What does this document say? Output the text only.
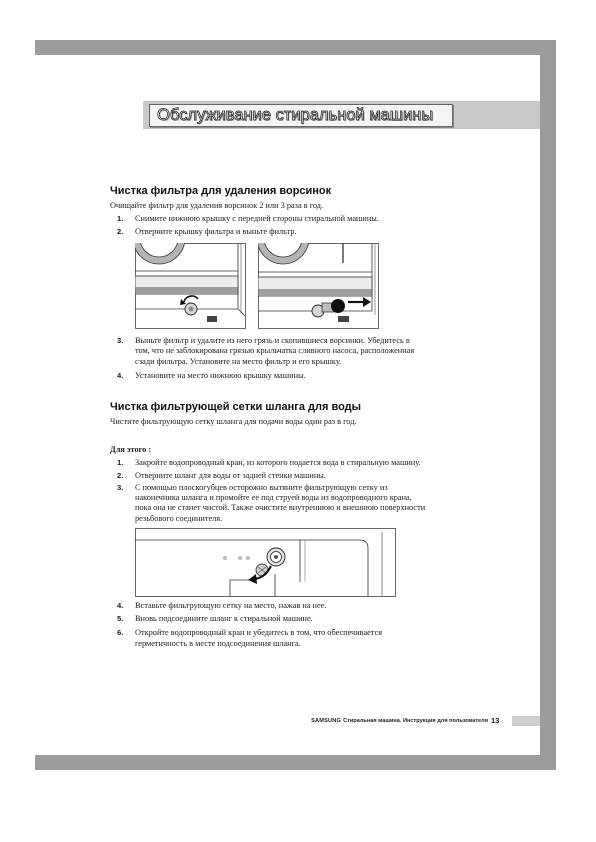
Обслуживание стиральной машины
Чистка фильтра для удаления ворсинок
Очищайте фильтр для удаления ворсинок 2 или 3 раза в год.
1. Снимите нижнюю крышку с передней стороны стиральной машины.
2. Отверните крышку фильтра и выньте фильтр.
3. Выньте фильтр и удалите из него грязь и скопившиеся ворсинки. Убедитесь в
том, что не заблокирована грязью крыльчатка сливного насоса, расположенная
сзади фильтра. Установите на место фильтр и его крышку.
4. Установите на место нижнюю крышку машины.
Чистка фильтрующей сетки шланга для воды
Чистите фильтрующую сетку шланга для подачи воды один раз в год.
Для этого :
1. Закройте водопроводный кран, из которого подается вода в стиральную машину.
2. Отверните шланг для воды от задней стенки машины.
3. С помощью плоскогубцев осторожно вытяните фильтрующую сетку из
наконечника шланга и промойте ее под струей воды из водопроводного крана,
пока она не станет чистой. Также очистите внутреннюю и внешнюю поверхности
резьбового соединителя.
4. Вставьте фильтрующую сетку на место, нажав на нее.
5. Вновь подсоедините шланг к стиральной машине.
6. Откройте водопроводный кран и убедитесь в том, что обеспечивается
герметичность в месте подсоединения шланга.
SAMSUNG Стиральная машина. Инструкция для пользователя 13
